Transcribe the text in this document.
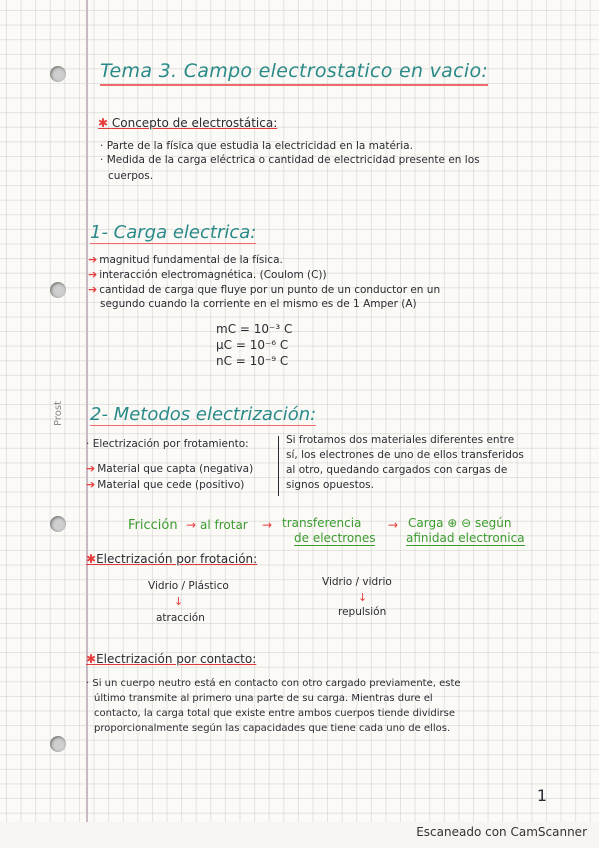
Prost
Tema 3. Campo electrostatico en vacio:
✱ Concepto de electrostática:
· Parte de la física que estudia la electricidad en la matéria.
· Medida de la carga eléctrica o cantidad de electricidad presente en los
cuerpos.
1- Carga electrica:
➔ magnitud fundamental de la física.
➔ interacción electromagnética. (Coulom (C))
➔ cantidad de carga que fluye por un punto de un conductor en un
segundo cuando la corriente en el mismo es de 1 Amper (A)
mC = 10⁻³ C
μC = 10⁻⁶ C
nC = 10⁻⁹ C
2- Metodos electrización:
· Electrización por frotamiento:
➔ Material que capta (negativa)
➔ Material que cede (positivo)
Si frotamos dos materiales diferentes entre
sí, los electrones de uno de ellos transferidos
al otro, quedando cargados con cargas de
signos opuestos.
Fricción → al frotar → transferencia
de electrones
→ Carga ⊕ ⊖ según
afinidad electronica
✱Electrización por frotación:
Vidrio / Plástico
↓
atracción
Vidrio / vidrio
↓
repulsión
✱Electrización por contacto:
· Si un cuerpo neutro está en contacto con otro cargado previamente, este
último transmite al primero una parte de su carga. Mientras dure el
contacto, la carga total que existe entre ambos cuerpos tiende dividirse
proporcionalmente según las capacidades que tiene cada uno de ellos.
1
Escaneado con CamScanner
